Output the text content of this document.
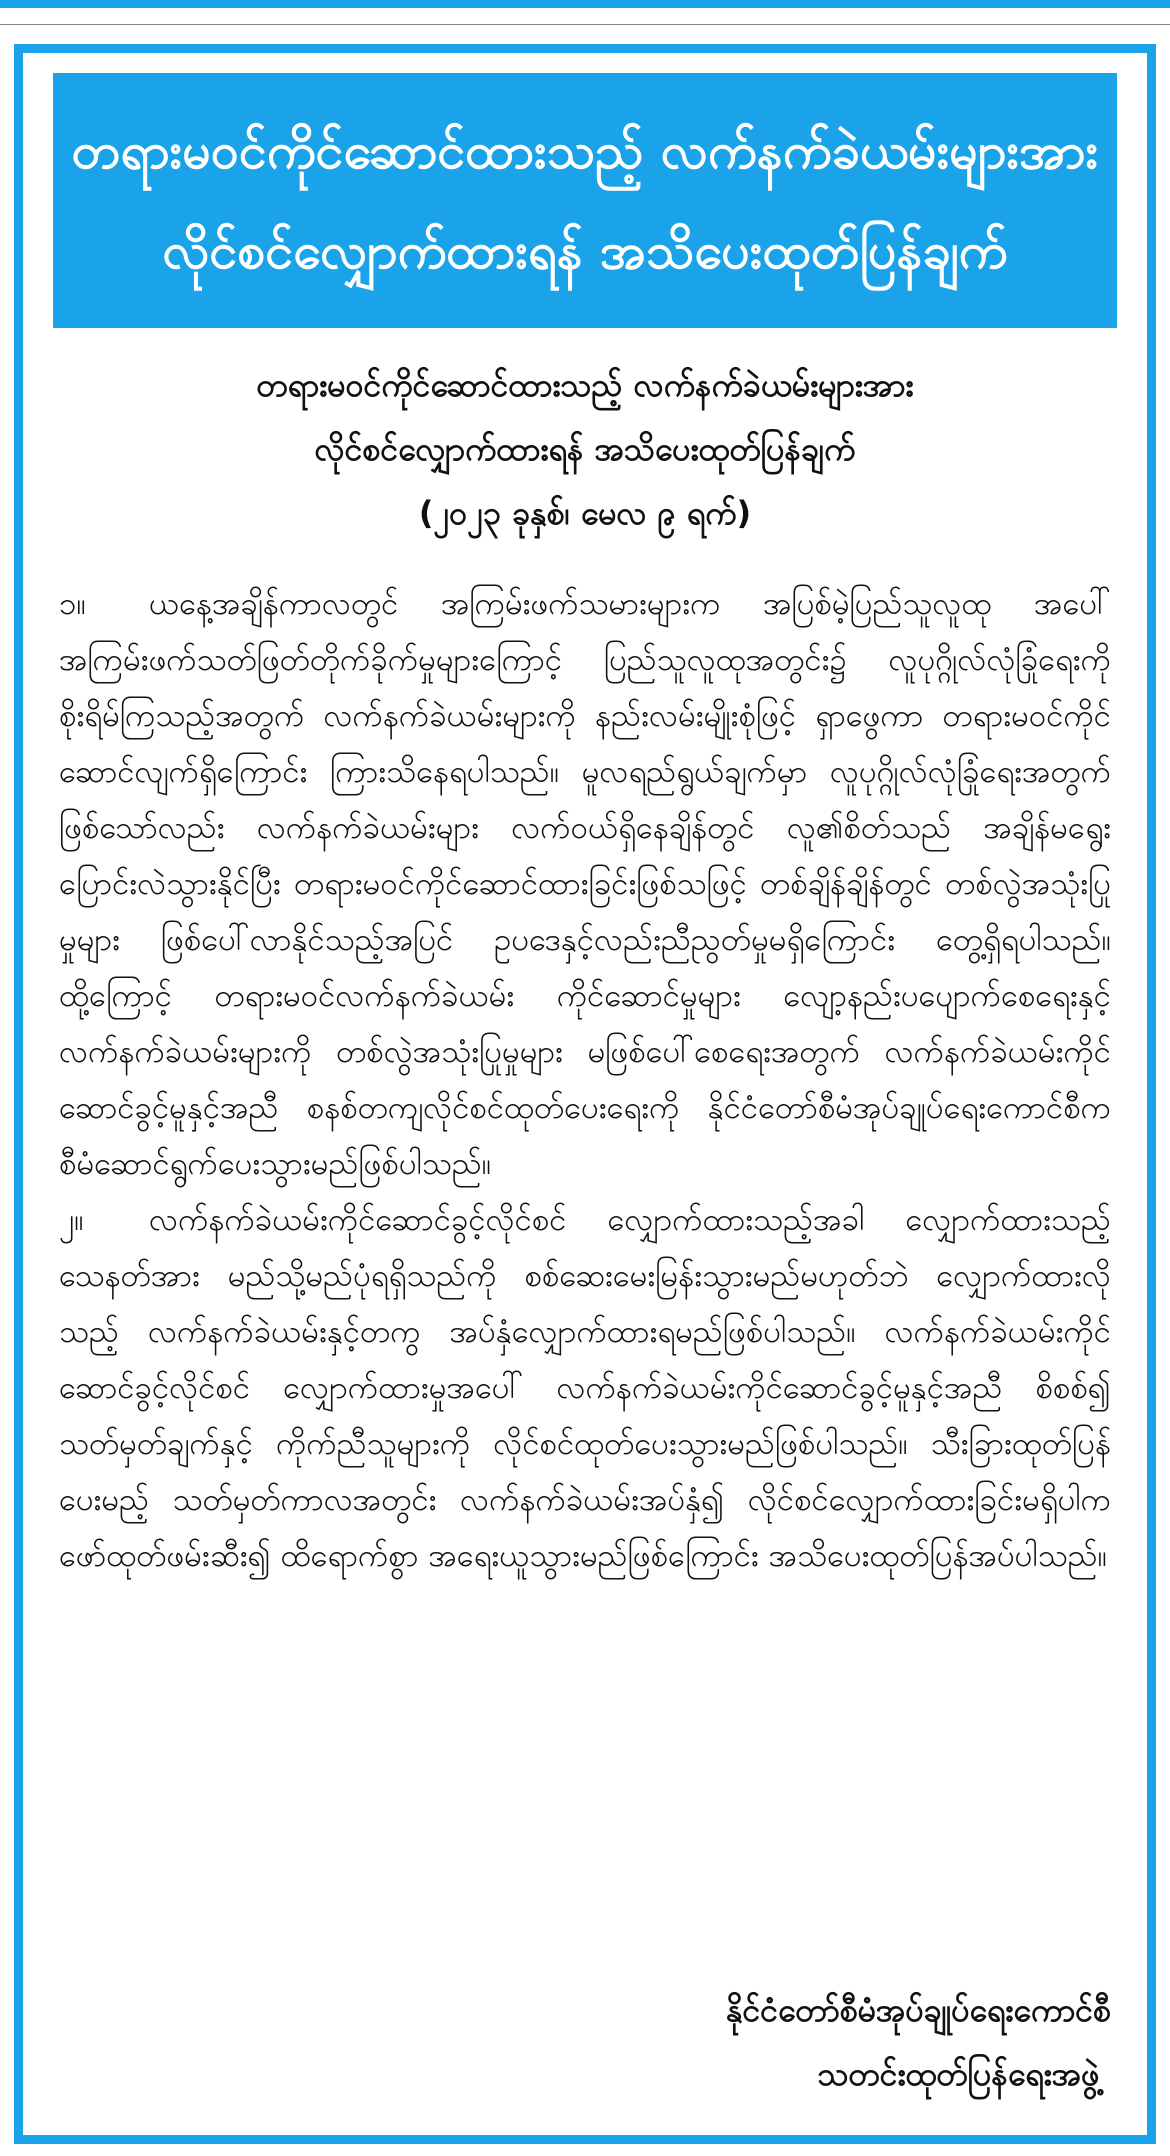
တရားမဝင်ကိုင်ဆောင်ထားသည့် လက်နက်ခဲယမ်းများအား
လိုင်စင်လျှောက်ထားရန် အသိပေးထုတ်ပြန်ချက်
တရားမဝင်ကိုင်ဆောင်ထားသည့် လက်နက်ခဲယမ်းများအား
လိုင်စင်လျှောက်ထားရန် အသိပေးထုတ်ပြန်ချက်
(၂၀၂၃ ခုနှစ်၊ မေလ ၉ ရက်)

၁။ ယနေ့အချိန်ကာလတွင် အကြမ်းဖက်သမားများက အပြစ်မဲ့ပြည်သူလူထု အပေါ် အကြမ်းဖက်သတ်ဖြတ်တိုက်ခိုက်မှုများကြောင့် ပြည်သူလူထုအတွင်း၌ လူပုဂ္ဂိုလ်လုံခြုံရေးကို စိုးရိမ်ကြသည့်အတွက် လက်နက်ခဲယမ်းများကို နည်းလမ်းမျိုးစုံဖြင့် ရှာဖွေကာ တရားမဝင်ကိုင်ဆောင်လျက်ရှိကြောင်း ကြားသိနေရပါသည်။ မူလရည်ရွယ်ချက်မှာ လူပုဂ္ဂိုလ်လုံခြုံရေးအတွက်ဖြစ်သော်လည်း လက်နက်ခဲယမ်းများ လက်ဝယ်ရှိနေချိန်တွင် လူ၏စိတ်သည် အချိန်မရွေးပြောင်းလဲသွားနိုင်ပြီး တရားမဝင်ကိုင်ဆောင်ထားခြင်းဖြစ်သဖြင့် တစ်ချိန်ချိန်တွင် တစ်လွဲအသုံးပြုမှုများ ဖြစ်ပေါ်လာနိုင်သည့်အပြင် ဥပဒေနှင့်လည်းညီညွတ်မှုမရှိကြောင်း တွေ့ရှိရပါသည်။ ထို့ကြောင့် တရားမဝင်လက်နက်ခဲယမ်း ကိုင်ဆောင်မှုများ လျော့နည်းပပျောက်စေရေးနှင့် လက်နက်ခဲယမ်းများကို တစ်လွဲအသုံးပြုမှုများ မဖြစ်ပေါ်စေရေးအတွက် လက်နက်ခဲယမ်းကိုင်ဆောင်ခွင့်မူနှင့်အညီ စနစ်တကျလိုင်စင်ထုတ်ပေးရေးကို နိုင်ငံတော်စီမံအုပ်ချုပ်ရေးကောင်စီက စီမံဆောင်ရွက်ပေးသွားမည်ဖြစ်ပါသည်။

၂။ လက်နက်ခဲယမ်းကိုင်ဆောင်ခွင့်လိုင်စင် လျှောက်ထားသည့်အခါ လျှောက်ထားသည့် သေနတ်အား မည်သို့မည်ပုံရရှိသည်ကို စစ်ဆေးမေးမြန်းသွားမည်မဟုတ်ဘဲ လျှောက်ထားလိုသည့် လက်နက်ခဲယမ်းနှင့်တကွ အပ်နှံလျှောက်ထားရမည်ဖြစ်ပါသည်။ လက်နက်ခဲယမ်းကိုင်ဆောင်ခွင့်လိုင်စင် လျှောက်ထားမှုအပေါ် လက်နက်ခဲယမ်းကိုင်ဆောင်ခွင့်မူနှင့်အညီ စိစစ်၍ သတ်မှတ်ချက်နှင့် ကိုက်ညီသူများကို လိုင်စင်ထုတ်ပေးသွားမည်ဖြစ်ပါသည်။ သီးခြားထုတ်ပြန်ပေးမည့် သတ်မှတ်ကာလအတွင်း လက်နက်ခဲယမ်းအပ်နှံ၍ လိုင်စင်လျှောက်ထားခြင်းမရှိပါက ဖော်ထုတ်ဖမ်းဆီး၍ ထိရောက်စွာ အရေးယူသွားမည်ဖြစ်ကြောင်း အသိပေးထုတ်ပြန်အပ်ပါသည်။

နိုင်ငံတော်စီမံအုပ်ချုပ်ရေးကောင်စီ
သတင်းထုတ်ပြန်ရေးအဖွဲ့
